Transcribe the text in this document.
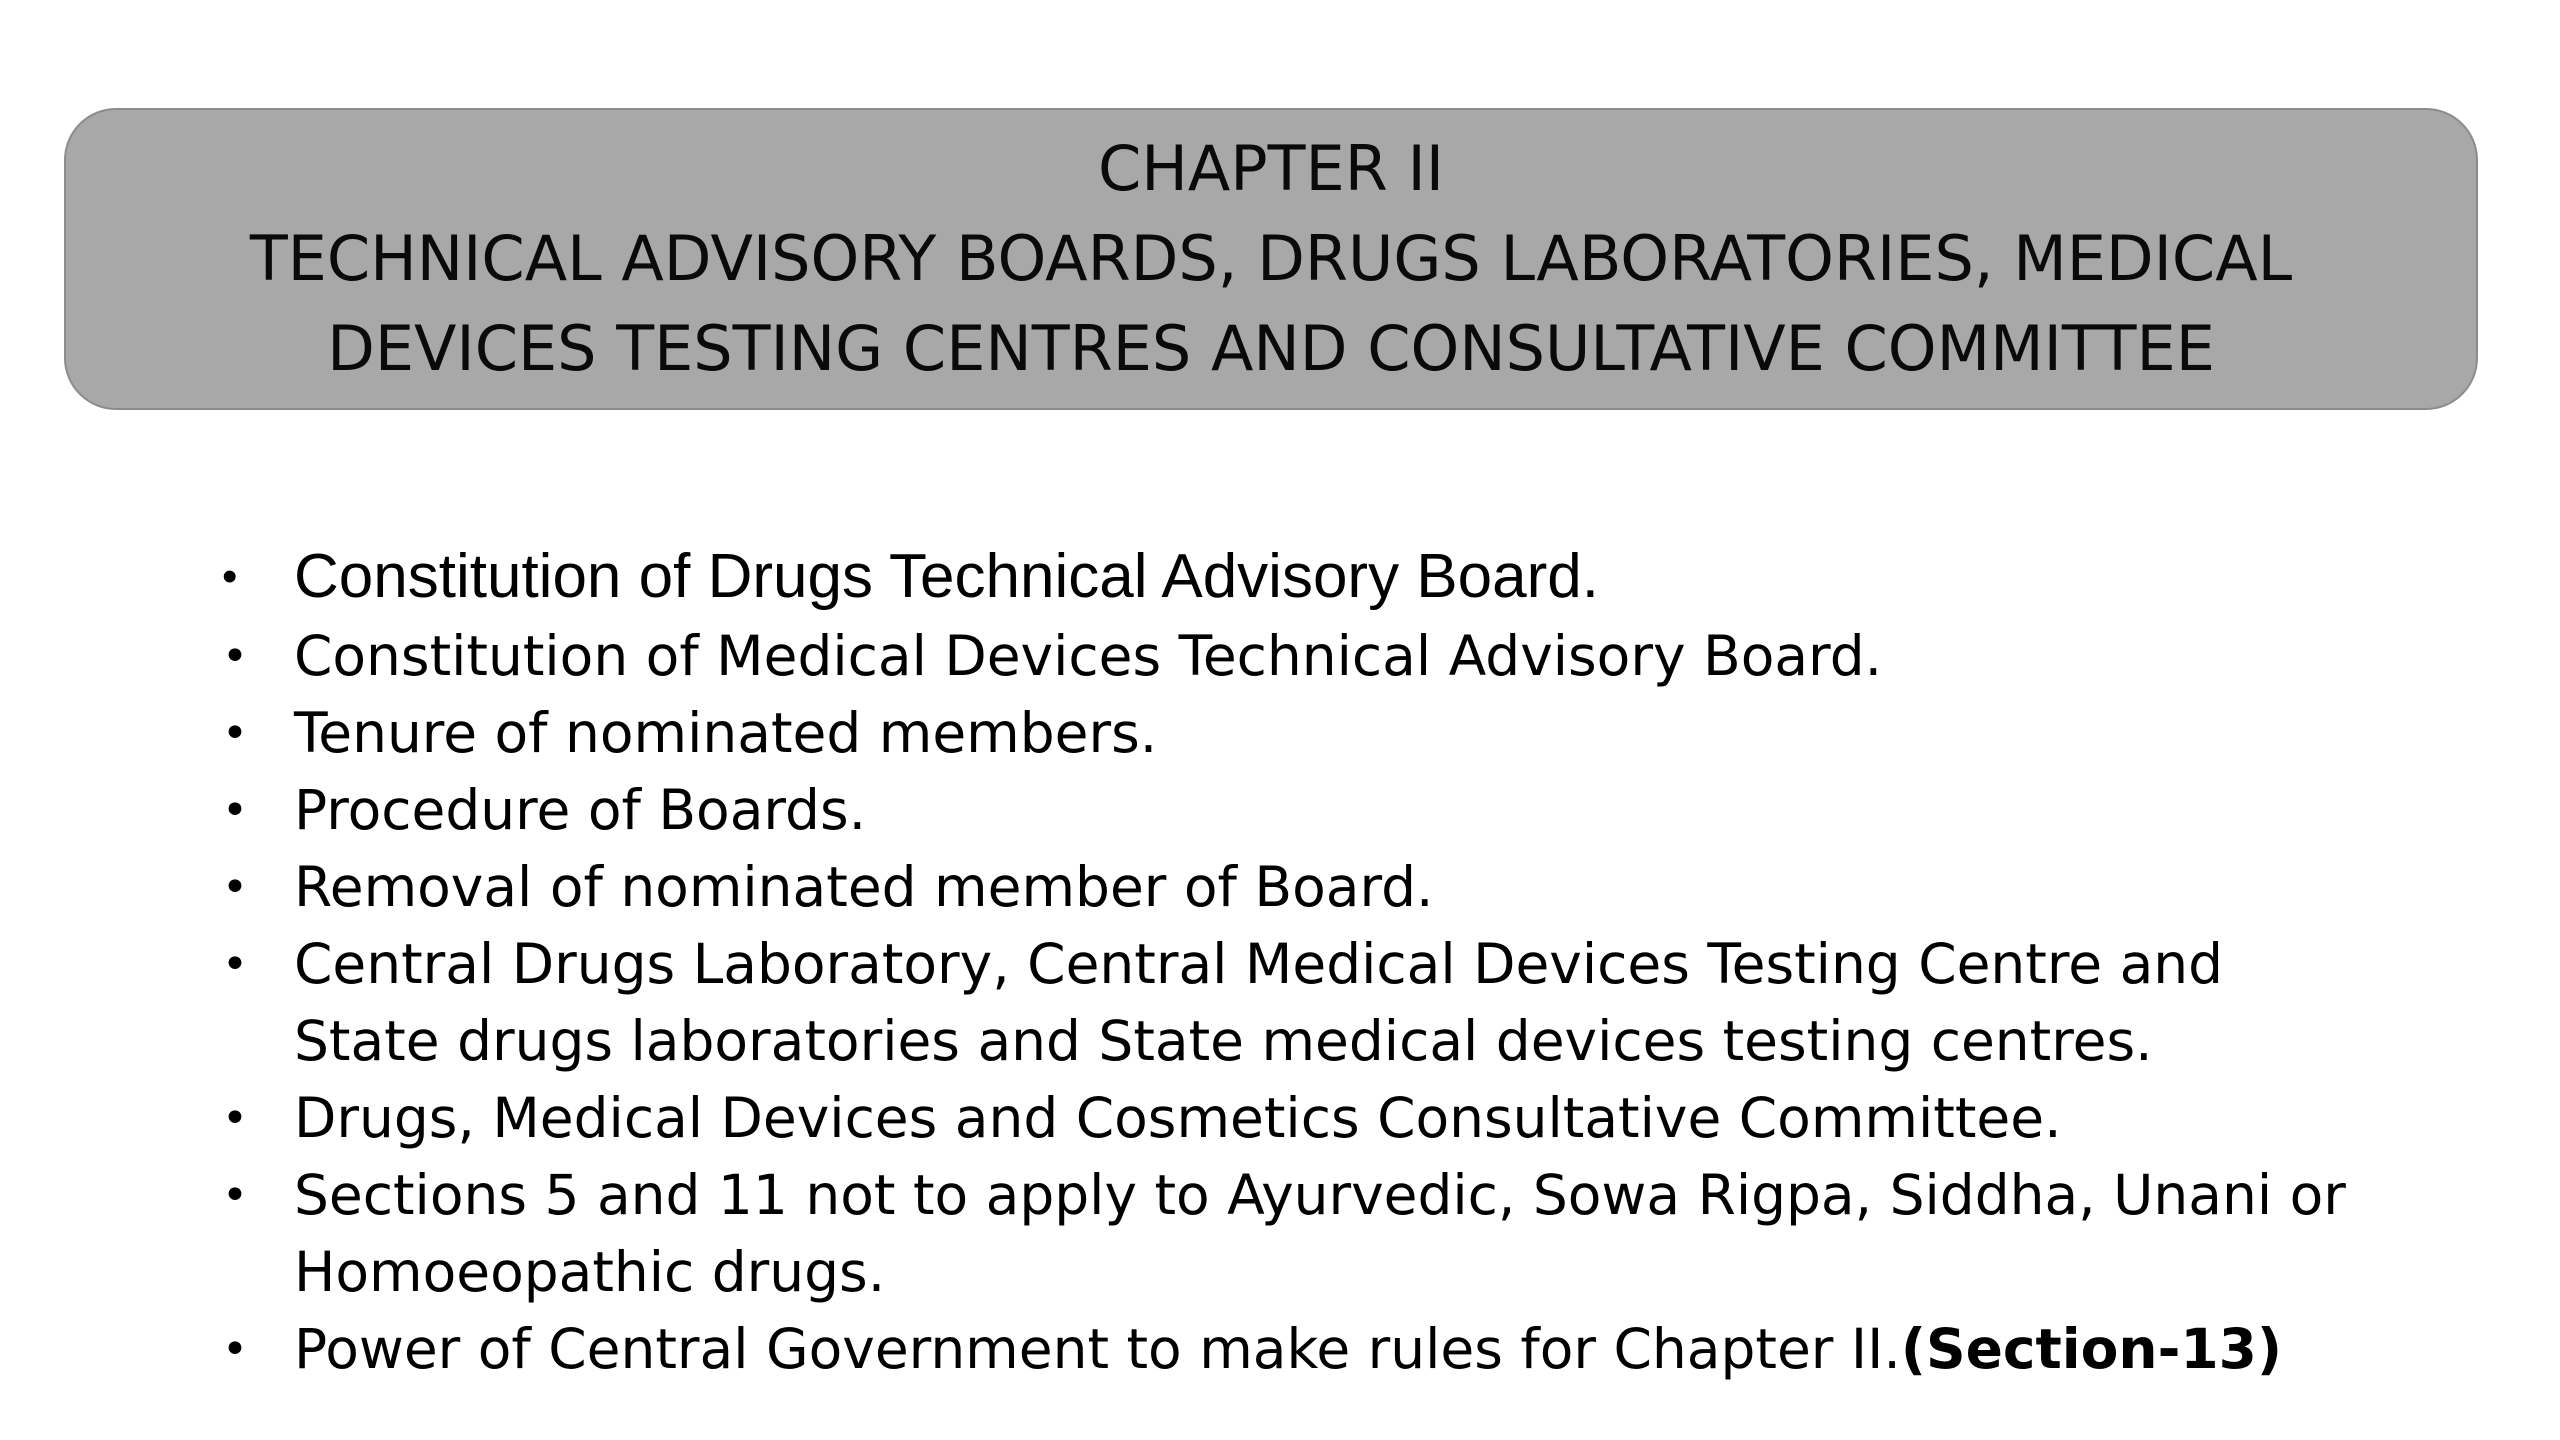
CHAPTER II
TECHNICAL ADVISORY BOARDS, DRUGS LABORATORIES, MEDICAL
DEVICES TESTING CENTRES AND CONSULTATIVE COMMITTEE
• Constitution of Drugs Technical Advisory Board.
• Constitution of Medical Devices Technical Advisory Board.
• Tenure of nominated members.
• Procedure of Boards.
• Removal of nominated member of Board.
• Central Drugs Laboratory, Central Medical Devices Testing Centre and State drugs laboratories and State medical devices testing centres.
• Drugs, Medical Devices and Cosmetics Consultative Committee.
• Sections 5 and 11 not to apply to Ayurvedic, Sowa Rigpa, Siddha, Unani or Homoeopathic drugs.
• Power of Central Government to make rules for Chapter II.(Section-13)
